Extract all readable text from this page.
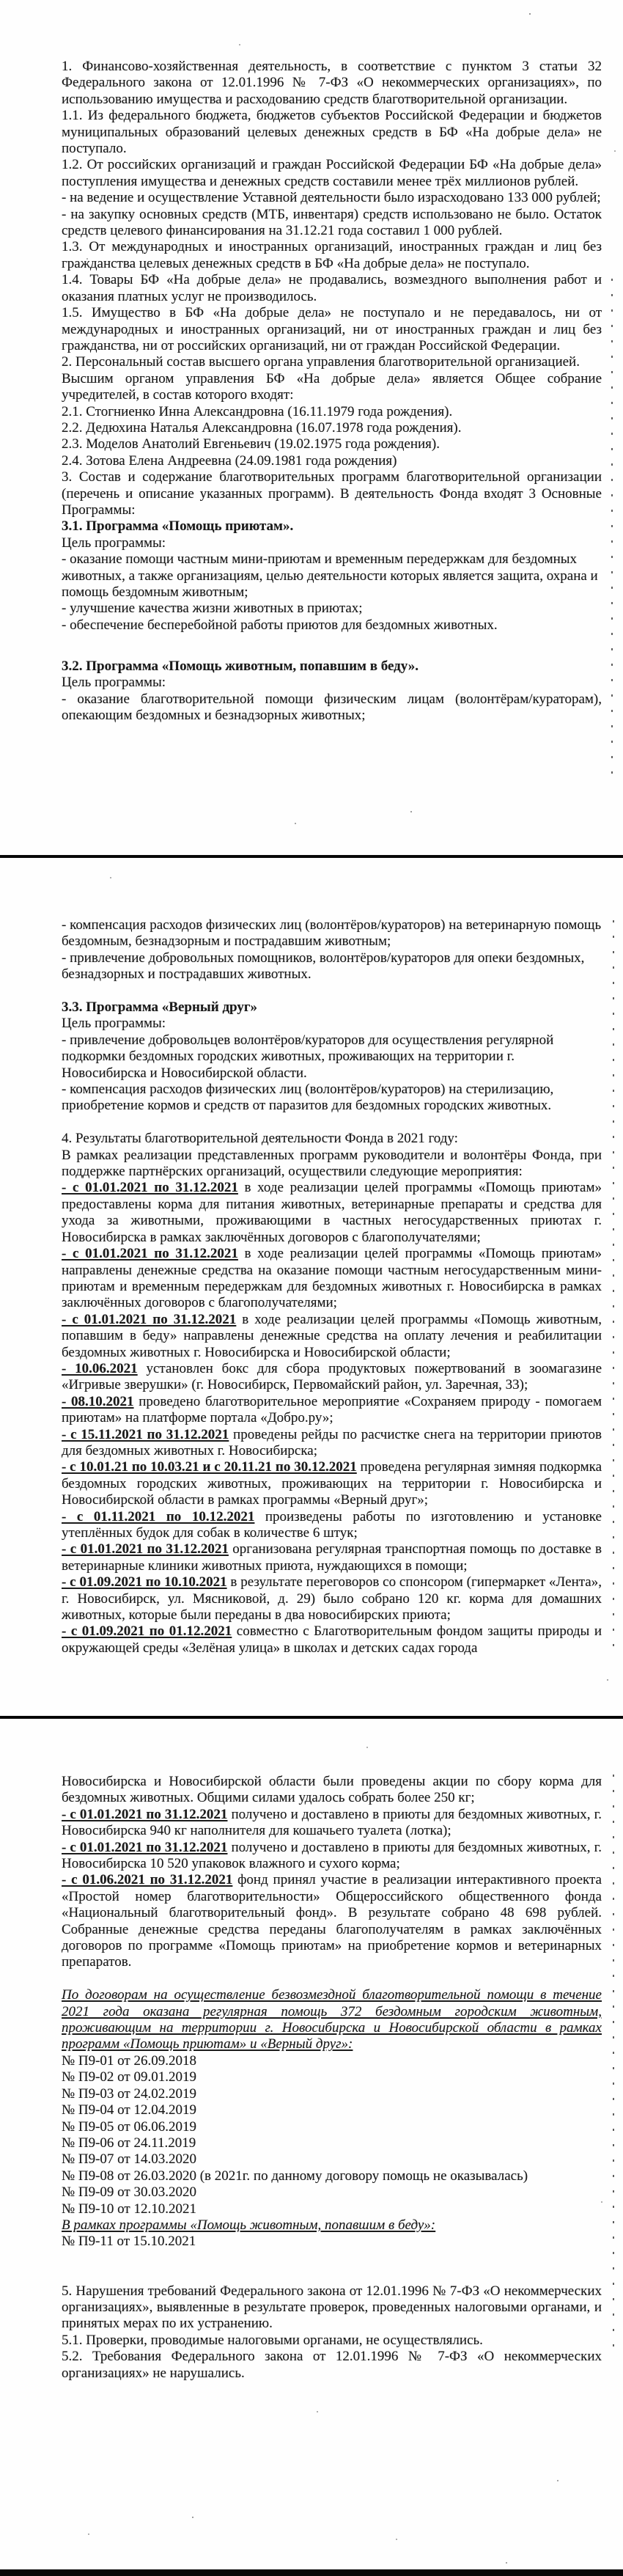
1. Финансово-хозяйственная деятельность, в соответствие с пунктом 3 статьи 32 Федерального закона от 12.01.1996 № 7-ФЗ «О некоммерческих организациях», по использованию имущества и расходованию средств благотворительной организации.

1.1. Из федерального бюджета, бюджетов субъектов Российской Федерации и бюджетов муниципальных образований целевых денежных средств в БФ «На добрые дела» не поступало.

1.2. От российских организаций и граждан Российской Федерации БФ «На добрые дела» поступления имущества и денежных средств составили менее трёх миллионов рублей.

- на ведение и осуществление Уставной деятельности было израсходовано 133 000 рублей;

- на закупку основных средств (МТБ, инвентаря) средств использовано не было. Остаток средств целевого финансирования на 31.12.21 года составил 1 000 рублей.

1.3. От международных и иностранных организаций, иностранных граждан и лиц без гражданства целевых денежных средств в БФ «На добрые дела» не поступало.

1.4. Товары БФ «На добрые дела» не продавались, возмездного выполнения работ и оказания платных услуг не производилось.

1.5. Имущество в БФ «На добрые дела» не поступало и не передавалось, ни от международных и иностранных организаций, ни от иностранных граждан и лиц без гражданства, ни от российских организаций, ни от граждан Российской Федерации.

2. Персональный состав высшего органа управления благотворительной организацией.

Высшим органом управления БФ «На добрые дела» является Общее собрание учредителей, в состав которого входят:

2.1. Стогниенко Инна Александровна (16.11.1979 года рождения).

2.2. Дедюхина Наталья Александровна (16.07.1978 года рождения).

2.3. Моделов Анатолий Евгеньевич (19.02.1975 года рождения).

2.4. Зотова Елена Андреевна (24.09.1981 года рождения)

3. Состав и содержание благотворительных программ благотворительной организации (перечень и описание указанных программ). В деятельность Фонда входят 3 Основные Программы:

3.1. Программа «Помощь приютам».

Цель программы:

- оказание помощи частным мини-приютам и временным передержкам для бездомных животных, а также организациям, целью деятельности которых является защита, охрана и помощь бездомным животным;

- улучшение качества жизни животных в приютах;

- обеспечение бесперебойной работы приютов для бездомных животных.

3.2. Программа «Помощь животным, попавшим в беду».

Цель программы:

- оказание благотворительной помощи физическим лицам (волонтёрам/кураторам), опекающим бездомных и безнадзорных животных;

- компенсация расходов физических лиц (волонтёров/кураторов) на ветеринарную помощь бездомным, безнадзорным и пострадавшим животным;

- привлечение добровольных помощников, волонтёров/кураторов для опеки бездомных, безнадзорных и пострадавших животных.

3.3. Программа «Верный друг»

Цель программы:

- привлечение добровольцев волонтёров/кураторов для осуществления регулярной подкормки бездомных городских животных, проживающих на территории г. Новосибирска и Новосибирской области.

- компенсация расходов физических лиц (волонтёров/кураторов) на стерилизацию, приобретение кормов и средств от паразитов для бездомных городских животных.

4. Результаты благотворительной деятельности Фонда в 2021 году:

В рамках реализации представленных программ руководители и волонтёры Фонда, при поддержке партнёрских организаций, осуществили следующие мероприятия:

- с 01.01.2021 по 31.12.2021 в ходе реализации целей программы «Помощь приютам» предоставлены корма для питания животных, ветеринарные препараты и средства для ухода за животными, проживающими в частных негосударственных приютах г. Новосибирска в рамках заключённых договоров с благополучателями;

- с 01.01.2021 по 31.12.2021 в ходе реализации целей программы «Помощь приютам» направлены денежные средства на оказание помощи частным негосударственным мини-приютам и временным передержкам для бездомных животных г. Новосибирска в рамках заключённых договоров с благополучателями;

- с 01.01.2021 по 31.12.2021 в ходе реализации целей программы «Помощь животным, попавшим в беду» направлены денежные средства на оплату лечения и реабилитации бездомных животных г. Новосибирска и Новосибирской области;

- 10.06.2021 установлен бокс для сбора продуктовых пожертвований в зоомагазине «Игривые зверушки» (г. Новосибирск, Первомайский район, ул. Заречная, 33);

- 08.10.2021 проведено благотворительное мероприятие «Сохраняем природу - помогаем приютам» на платформе портала «Добро.ру»;

- с 15.11.2021 по 31.12.2021 проведены рейды по расчистке снега на территории приютов для бездомных животных г. Новосибирска;

- с 10.01.21 по 10.03.21 и с 20.11.21 по 30.12.2021 проведена регулярная зимняя подкормка бездомных городских животных, проживающих на территории г. Новосибирска и Новосибирской области в рамках программы «Верный друг»;

- с 01.11.2021 по 10.12.2021 произведены работы по изготовлению и установке утеплённых будок для собак в количестве 6 штук;

- с 01.01.2021 по 31.12.2021 организована регулярная транспортная помощь по доставке в ветеринарные клиники животных приюта, нуждающихся в помощи;

- с 01.09.2021 по 10.10.2021 в результате переговоров со спонсором (гипермаркет «Лента», г. Новосибирск, ул. Мясниковой, д. 29) было собрано 120 кг. корма для домашних животных, которые были переданы в два новосибирских приюта;

- с 01.09.2021 по 01.12.2021 совместно с Благотворительным фондом защиты природы и окружающей среды «Зелёная улица» в школах и детских садах города

Новосибирска и Новосибирской области были проведены акции по сбору корма для бездомных животных. Общими силами удалось собрать более 250 кг;

- с 01.01.2021 по 31.12.2021 получено и доставлено в приюты для бездомных животных, г. Новосибирска 940 кг наполнителя для кошачьего туалета (лотка);

- с 01.01.2021 по 31.12.2021 получено и доставлено в приюты для бездомных животных, г. Новосибирска 10 520 упаковок влажного и сухого корма;

- с 01.06.2021 по 31.12.2021 фонд принял участие в реализации интерактивного проекта «Простой номер благотворительности» Общероссийского общественного фонда «Национальный благотворительный фонд». В результате собрано 48 698 рублей. Собранные денежные средства переданы благополучателям в рамках заключённых договоров по программе «Помощь приютам» на приобретение кормов и ветеринарных препаратов.

По договорам на осуществление безвозмездной благотворительной помощи в течение 2021 года оказана регулярная помощь 372 бездомным городским животным, проживающим на территории г. Новосибирска и Новосибирской области в рамках программ «Помощь приютам» и «Верный друг»:

№ П9-01 от 26.09.2018

№ П9-02 от 09.01.2019

№ П9-03 от 24.02.2019

№ П9-04 от 12.04.2019

№ П9-05 от 06.06.2019

№ П9-06 от 24.11.2019

№ П9-07 от 14.03.2020

№ П9-08 от 26.03.2020 (в 2021г. по данному договору помощь не оказывалась)

№ П9-09 от 30.03.2020

№ П9-10 от 12.10.2021

В рамках программы «Помощь животным, попавшим в беду»:

№ П9-11 от 15.10.2021

5. Нарушения требований Федерального закона от 12.01.1996 № 7-ФЗ «О некоммерческих организациях», выявленные в результате проверок, проведенных налоговыми органами, и принятых мерах по их устранению.

5.1. Проверки, проводимые налоговыми органами, не осуществлялись.

5.2. Требования Федерального закона от 12.01.1996 № 7-ФЗ «О некоммерческих организациях» не нарушались.
